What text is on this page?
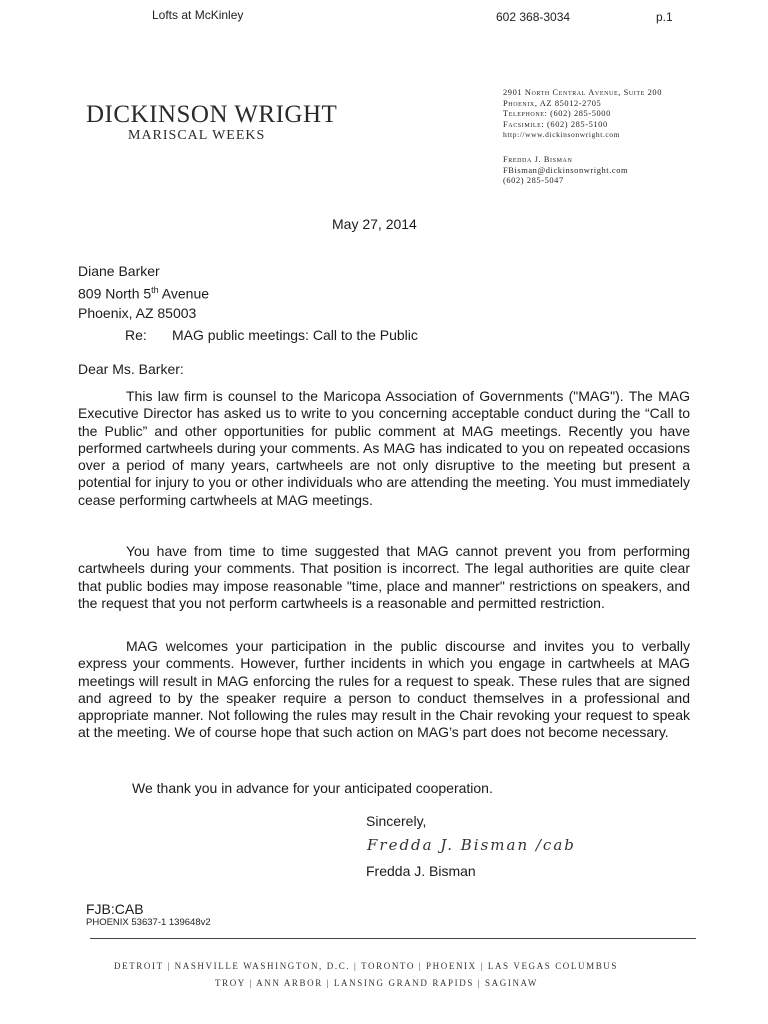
Lofts at McKinley	602 368-3034	p.1
DICKINSON WRIGHT
MARISCAL WEEKS
2901 North Central Avenue, Suite 200
Phoenix, AZ 85012-2705
Telephone: (602) 285-5000
Facsimile: (602) 285-5100
http://www.dickinsonwright.com
Fredda J. Bisman
FBisman@dickinsonwright.com
(602) 285-5047
May 27, 2014
Diane Barker
809 North 5th Avenue
Phoenix, AZ 85003
Re: MAG public meetings: Call to the Public
Dear Ms. Barker:
This law firm is counsel to the Maricopa Association of Governments ("MAG"). The MAG Executive Director has asked us to write to you concerning acceptable conduct during the “Call to the Public” and other opportunities for public comment at MAG meetings. Recently you have performed cartwheels during your comments. As MAG has indicated to you on repeated occasions over a period of many years, cartwheels are not only disruptive to the meeting but present a potential for injury to you or other individuals who are attending the meeting. You must immediately cease performing cartwheels at MAG meetings.
You have from time to time suggested that MAG cannot prevent you from performing cartwheels during your comments. That position is incorrect. The legal authorities are quite clear that public bodies may impose reasonable "time, place and manner" restrictions on speakers, and the request that you not perform cartwheels is a reasonable and permitted restriction.
MAG welcomes your participation in the public discourse and invites you to verbally express your comments. However, further incidents in which you engage in cartwheels at MAG meetings will result in MAG enforcing the rules for a request to speak. These rules that are signed and agreed to by the speaker require a person to conduct themselves in a professional and appropriate manner. Not following the rules may result in the Chair revoking your request to speak at the meeting. We of course hope that such action on MAG’s part does not become necessary.
We thank you in advance for your anticipated cooperation.
Sincerely,
Fredda J. Bisman /cab
Fredda J. Bisman
FJB:CAB
PHOENIX 53637-1 139648v2
DETROIT | NASHVILLE WASHINGTON, D.C. | TORONTO | PHOENIX | LAS VEGAS COLUMBUS
TROY | ANN ARBOR | LANSING GRAND RAPIDS | SAGINAW
